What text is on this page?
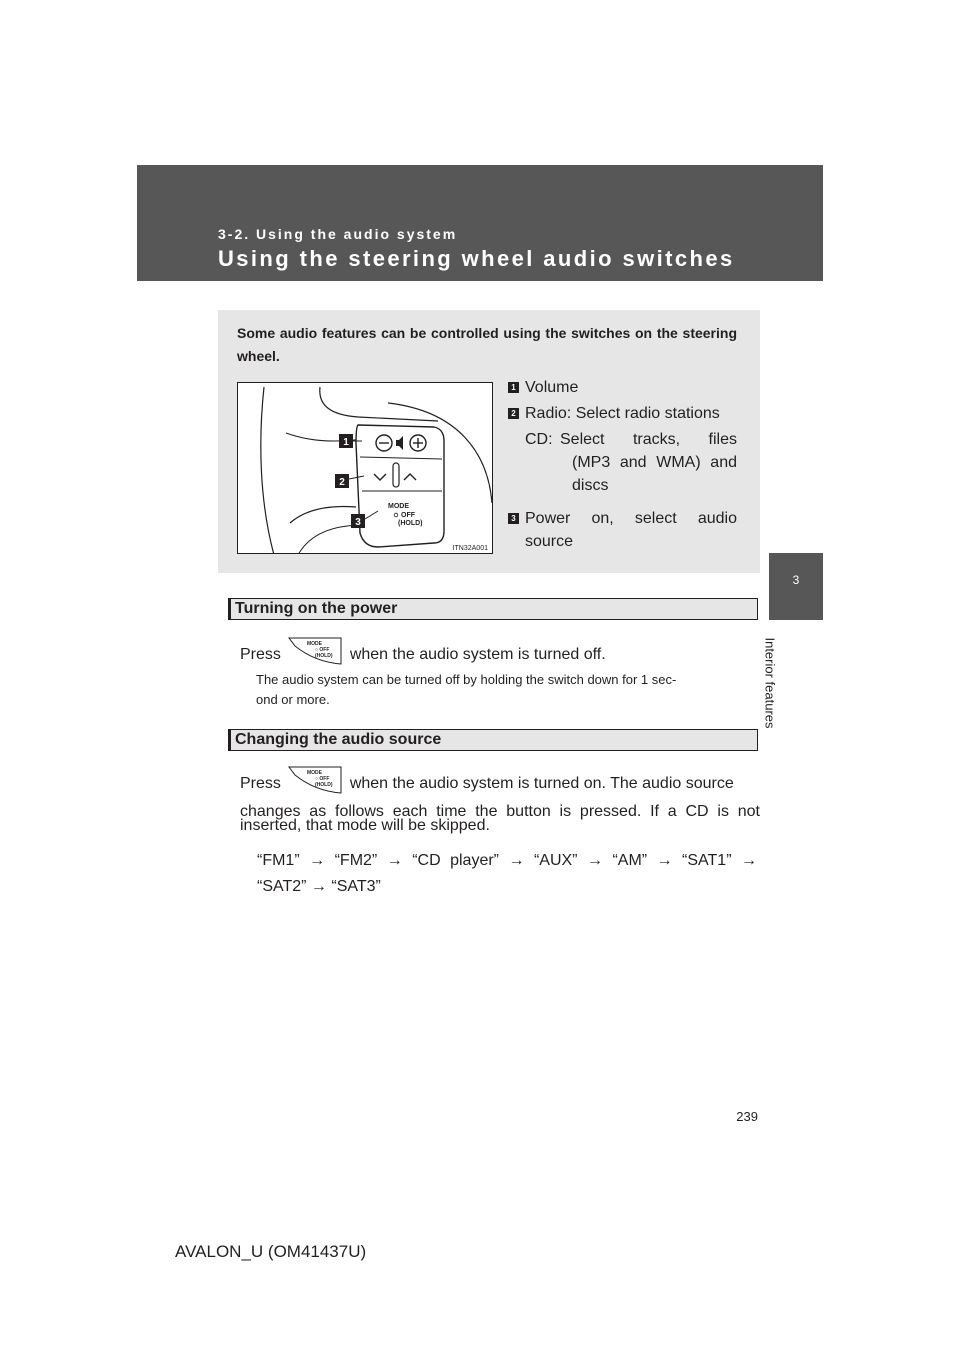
3-2. Using the audio system
Using the steering wheel audio switches
3
Interior features
Some audio features can be controlled using the switches on the steering wheel.
MODE
OFF
(HOLD)
1
2
3
ITN32A001
1 Volume
2 Radio: Select radio stations
CD: Select tracks, files
(MP3 and WMA) and
discs
3 Power on, select audio
source
Turning on the power
Press
MODE
○ OFF
(HOLD) when the audio system is turned off.
The audio system can be turned off by holding the switch down for 1 sec-
ond or more.
Changing the audio source
Press
MODE
○ OFF
(HOLD) when the audio system is turned on. The audio source
changes as follows each time the button is pressed. If a CD is not
inserted, that mode will be skipped.
“FM1” → “FM2” → “CD player” → “AUX” → “AM” → “SAT1” →
“SAT2” → “SAT3”
239
AVALON_U (OM41437U)
